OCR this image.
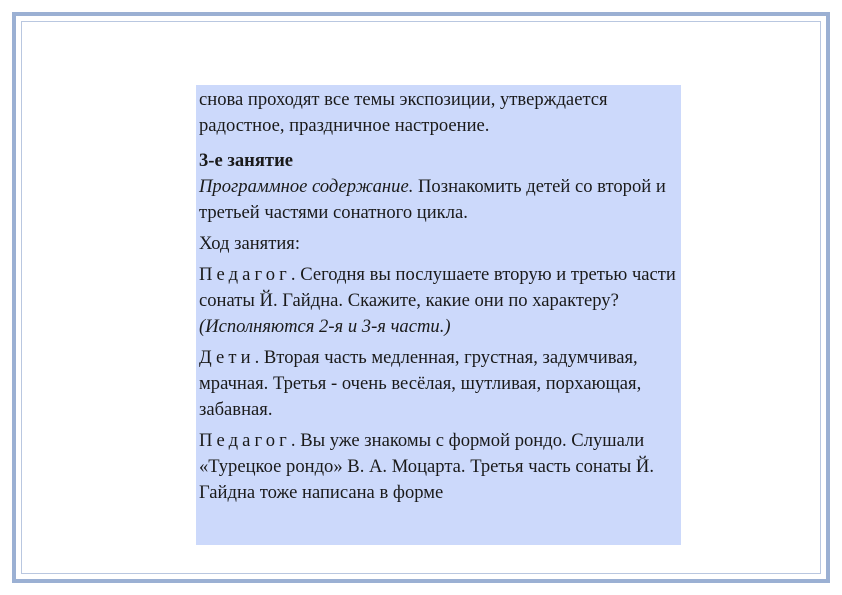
снова проходят все темы экспозиции, утверждается радостное, праздничное настроение.

3-е занятие
Программное содержание. Познакомить детей со второй и третьей частями сонатного цикла.

Ход занятия:

Педагог. Сегодня вы послушаете вторую и третью части сонаты Й. Гайдна. Скажите, какие они по характеру? (Исполняются 2-я и 3-я части.)

Дети. Вторая часть медленная, грустная, задумчивая, мрачная. Третья - очень весёлая, шутливая, порхающая, забавная.

Педагог. Вы уже знакомы с формой рондо. Слушали «Турецкое рондо» В. А. Моцарта. Третья часть сонаты Й. Гайдна тоже написана в форме
